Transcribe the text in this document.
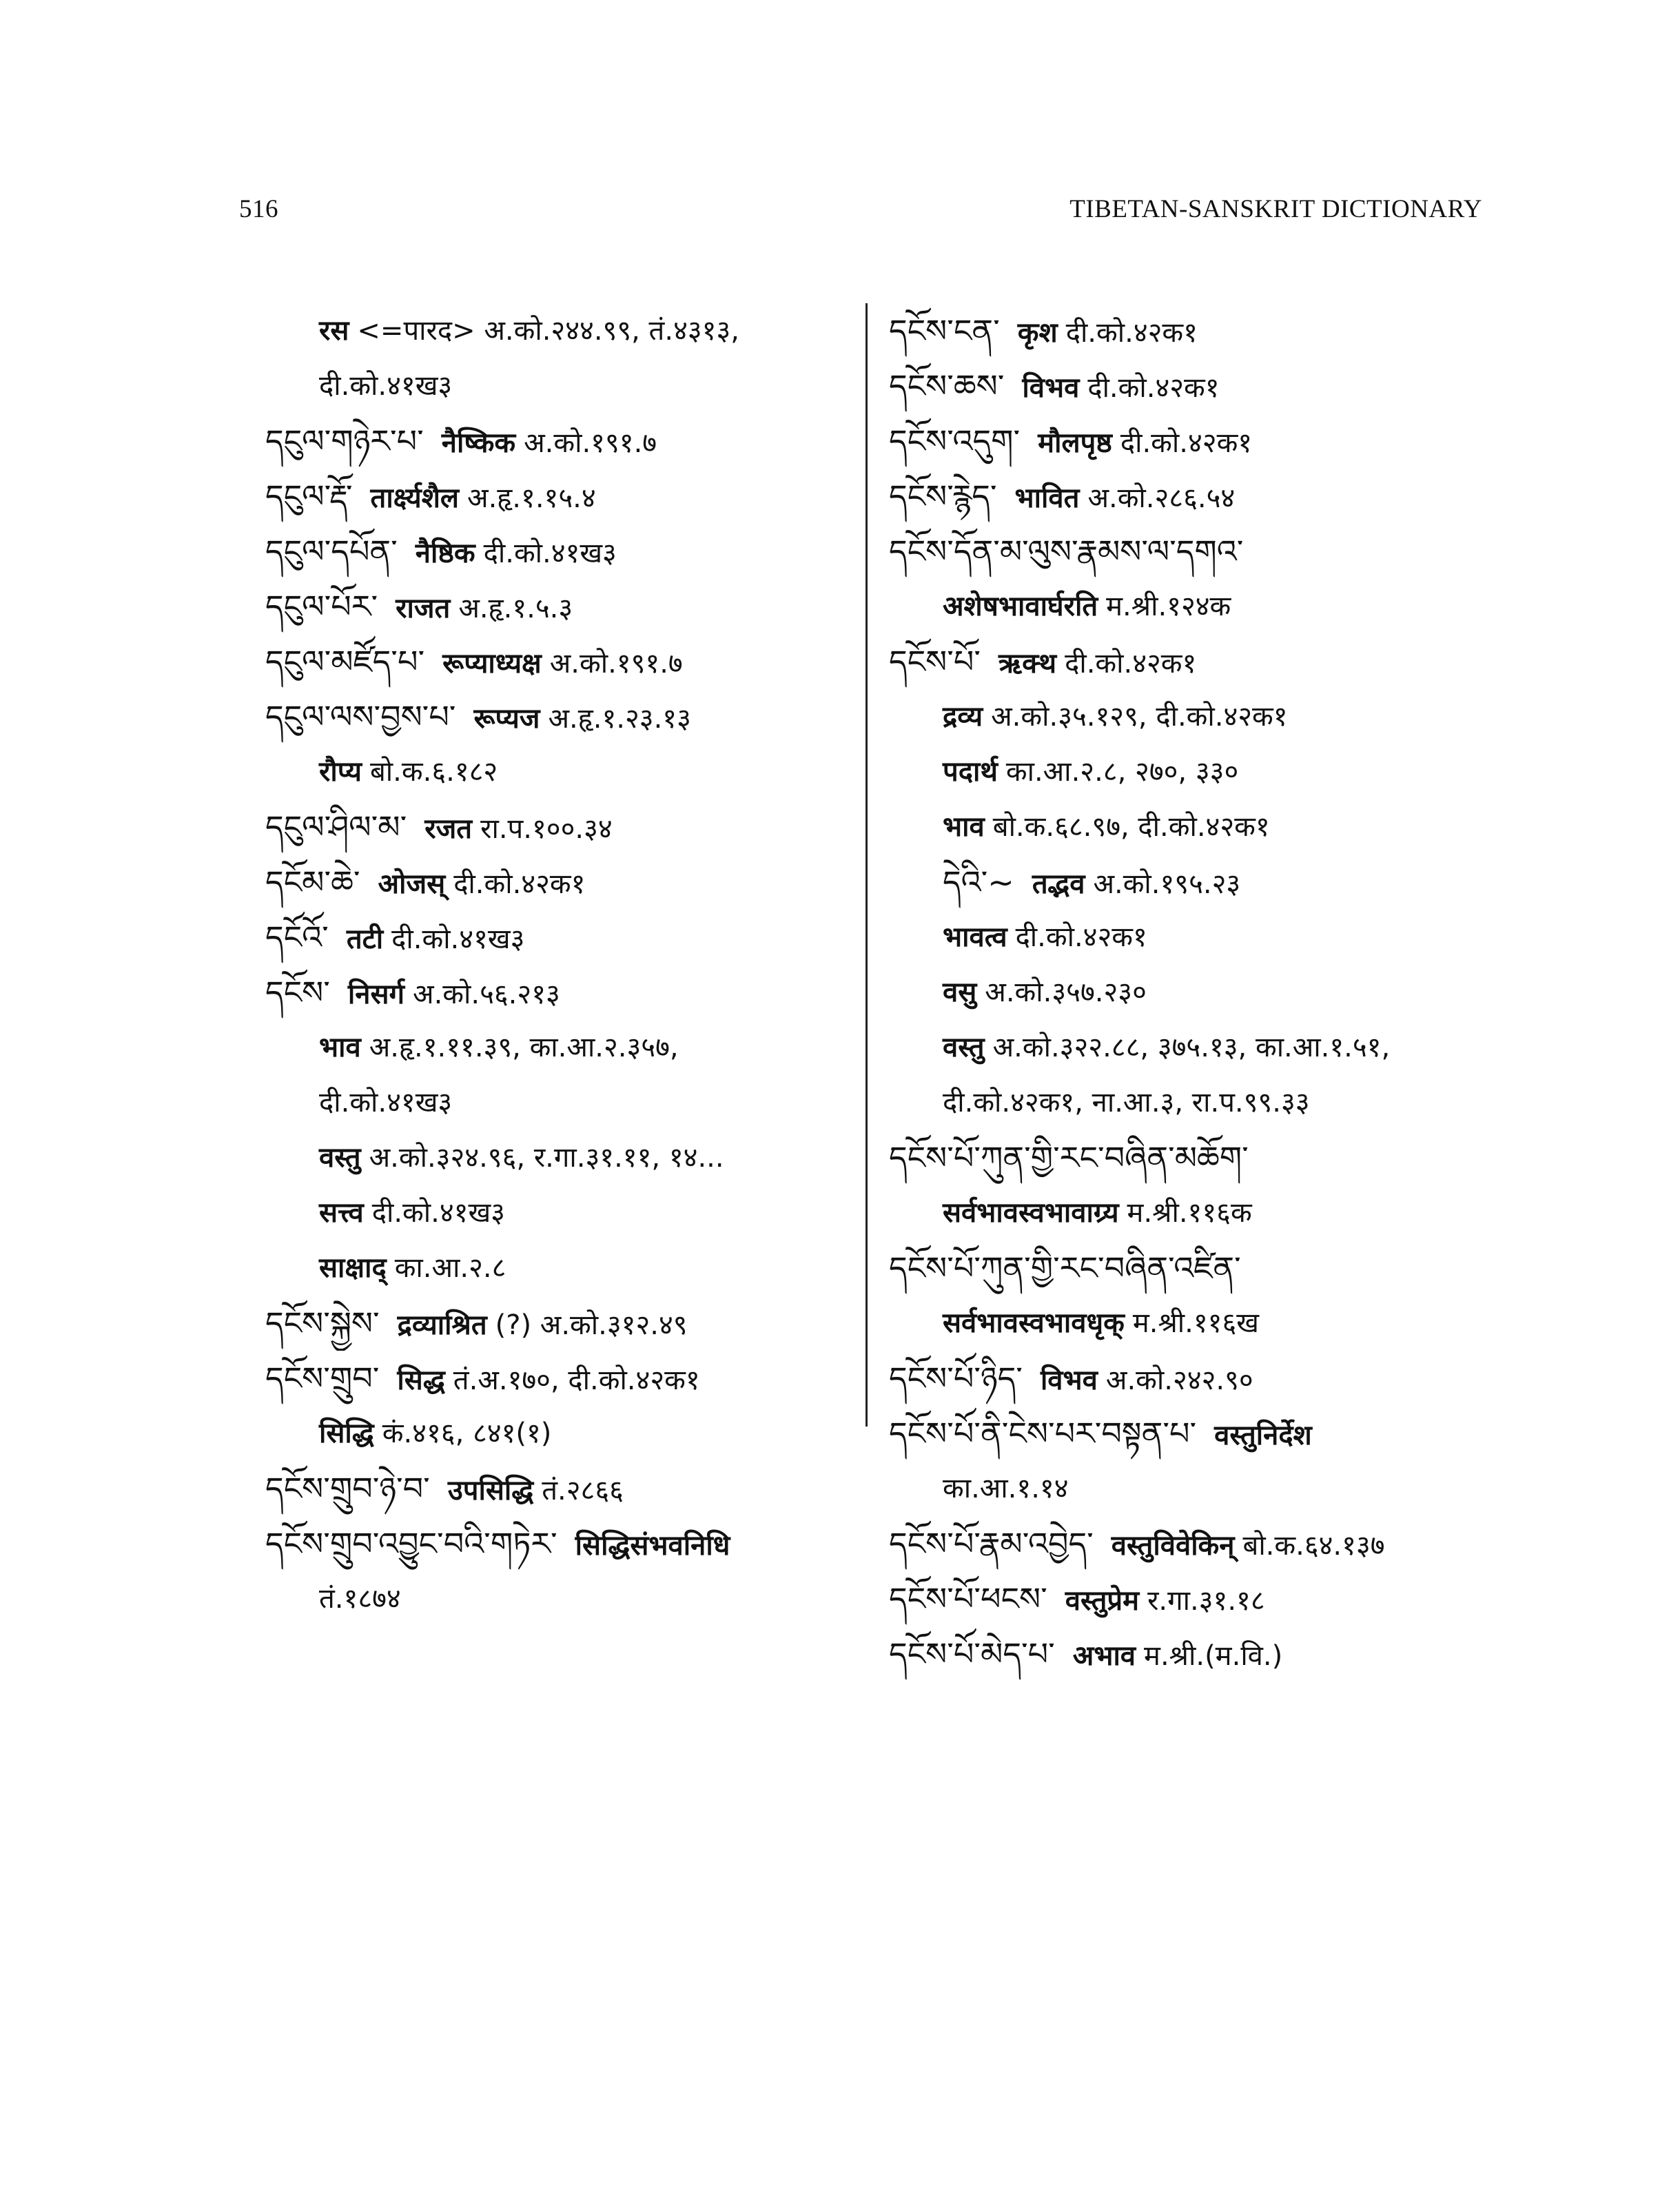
516	TIBETAN-SANSKRIT DICTIONARY
रस <=पारद> अ.को.२४४.९९, तं.४३१३,
दी.को.४१ख३
དངུལ་གཉེར་པ་ नैष्किक अ.को.१९१.७
དངུལ་རྡོ་ तार्क्ष्यशैल अ.हृ.१.१५.४
དངུལ་དཔོན་ नैष्ठिक दी.को.४१ख३
དངུལ་པོར་ राजत अ.हृ.१.५.३
དངུལ་མཛོད་པ་ रूप्याध्यक्ष अ.को.१९१.७
དངུལ་ལས་བྱས་པ་ रूप्यज अ.हृ.१.२३.१३
रौप्य बो.क.६.१८२
དངུལ་ཤིལ་མ་ रजत रा.प.१००.३४
དངོམ་ཆེ་ ओजस् दी.को.४२क१
དངོའོ་ तटी दी.को.४१ख३
དངོས་ निसर्ग अ.को.५६.२१३
भाव अ.हृ.१.११.३९, का.आ.२.३५७,
दी.को.४१ख३
वस्तु अ.को.३२४.९६, र.गा.३१.११, १४...
सत्त्व दी.को.४१ख३
साक्षाद् का.आ.२.८
དངོས་སྐྱེས་ द्रव्याश्रित (?) अ.को.३१२.४९
དངོས་གྲུབ་ सिद्ध तं.अ.१७०, दी.को.४२क१
सिद्धि कं.४१६, ८४१(१)
དངོས་གྲུབ་ཉེ་བ་ उपसिद्धि तं.२८६६
དངོས་གྲུབ་འབྱུང་བའི་གཏེར་ सिद्धिसंभवनिधि
तं.१८७४
དངོས་ངན་ कृश दी.को.४२क१
དངོས་ཆས་ विभव दी.को.४२क१
དངོས་འདུག་ मौलपृष्ठ दी.को.४२क१
དངོས་རྙེད་ भावित अ.को.२८६.५४
དངོས་དོན་མ་ལུས་རྣམས་ལ་དགའ་
अशेषभावार्घरति म.श्री.१२४क
དངོས་པོ་ ऋक्थ दी.को.४२क१
द्रव्य अ.को.३५.१२९, दी.को.४२क१
पदार्थ का.आ.२.८, २७०, ३३०
भाव बो.क.६८.९७, दी.को.४२क१
དེའི་~ तद्भव अ.को.१९५.२३
भावत्व दी.को.४२क१
वसु अ.को.३५७.२३०
वस्तु अ.को.३२२.८८, ३७५.१३, का.आ.१.५१,
दी.को.४२क१, ना.आ.३, रा.प.९९.३३
དངོས་པོ་ཀུན་གྱི་རང་བཞིན་མཆོག་
सर्वभावस्वभावाग्र्य म.श्री.११६क
དངོས་པོ་ཀུན་གྱི་རང་བཞིན་འཛིན་
सर्वभावस्वभावधृक् म.श्री.११६ख
དངོས་པོ་ཉིད་ विभव अ.को.२४२.९०
དངོས་པོ་ནི་ངེས་པར་བསྟན་པ་ वस्तुनिर्देश
का.आ.१.१४
དངོས་པོ་རྣམ་འབྱེད་ वस्तुविवेकिन् बो.क.६४.१३७
དངོས་པོ་ཕངས་ वस्तुप्रेम र.गा.३१.१८
དངོས་པོ་མེད་པ་ अभाव म.श्री.(म.वि.)
